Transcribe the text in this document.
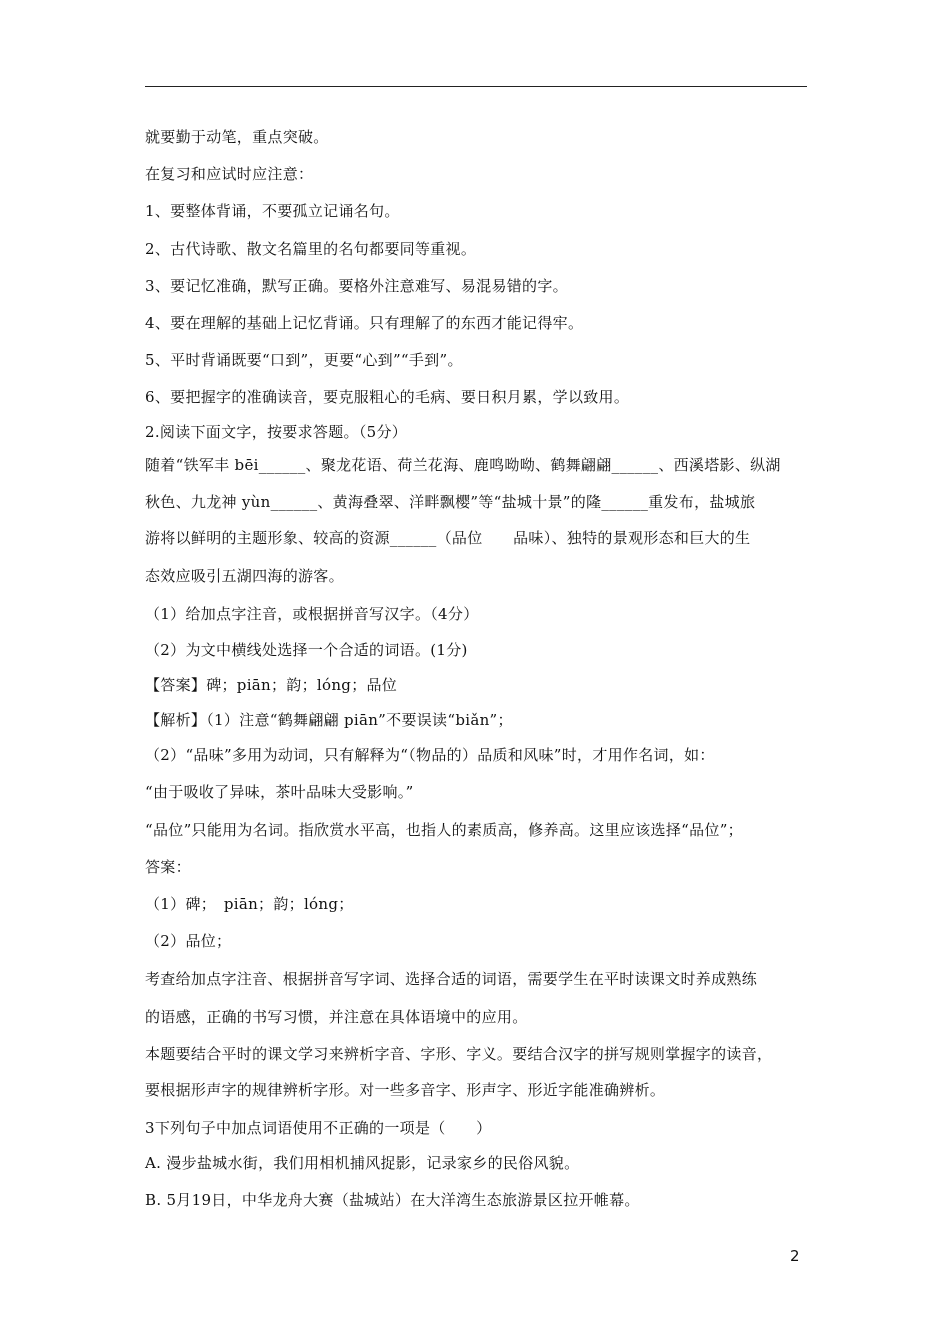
就要勤于动笔，重点突破。
在复习和应试时应注意：
1、要整体背诵，不要孤立记诵名句。
2、古代诗歌、散文名篇里的名句都要同等重视。
3、要记忆准确，默写正确。要格外注意难写、易混易错的字。
4、要在理解的基础上记忆背诵。只有理解了的东西才能记得牢。
5、平时背诵既要“口到”，更要“心到”“手到”。
6、要把握字的准确读音，要克服粗心的毛病、要日积月累，学以致用。
2.阅读下面文字，按要求答题。（5分）
随着“铁军丰 bēi______、聚龙花语、荷兰花海、鹿鸣呦呦、鹤舞翩翩______、西溪塔影、纵湖
秋色、九龙神 yùn______、黄海叠翠、洋畔飘樱”等“盐城十景”的隆______重发布，盐城旅
游将以鲜明的主题形象、较高的资源______（品位　　品味）、独特的景观形态和巨大的生
态效应吸引五湖四海的游客。
（1）给加点字注音，或根据拼音写汉字。（4分）
（2）为文中横线处选择一个合适的词语。(1分)
【答案】碑；piān；韵；lóng；品位
【解析】（1）注意“鹤舞翩翩 piān”不要误读“biǎn”；
（2）“品味”多用为动词，只有解释为“（物品的）品质和风味”时，才用作名词，如：
“由于吸收了异味，茶叶品味大受影响。”
“品位”只能用为名词。指欣赏水平高，也指人的素质高，修养高。这里应该选择“品位”；
答案：
（1）碑；　piān；韵；lóng；
（2）品位；
考查给加点字注音、根据拼音写字词、选择合适的词语，需要学生在平时读课文时养成熟练
的语感，正确的书写习惯，并注意在具体语境中的应用。
本题要结合平时的课文学习来辨析字音、字形、字义。要结合汉字的拼写规则掌握字的读音，
要根据形声字的规律辨析字形。对一些多音字、形声字、形近字能准确辨析。
3下列句子中加点词语使用不正确的一项是（　　）
A. 漫步盐城水街，我们用相机捕风捉影，记录家乡的民俗风貌。
B. 5月19日，中华龙舟大赛（盐城站）在大洋湾生态旅游景区拉开帷幕。
2
